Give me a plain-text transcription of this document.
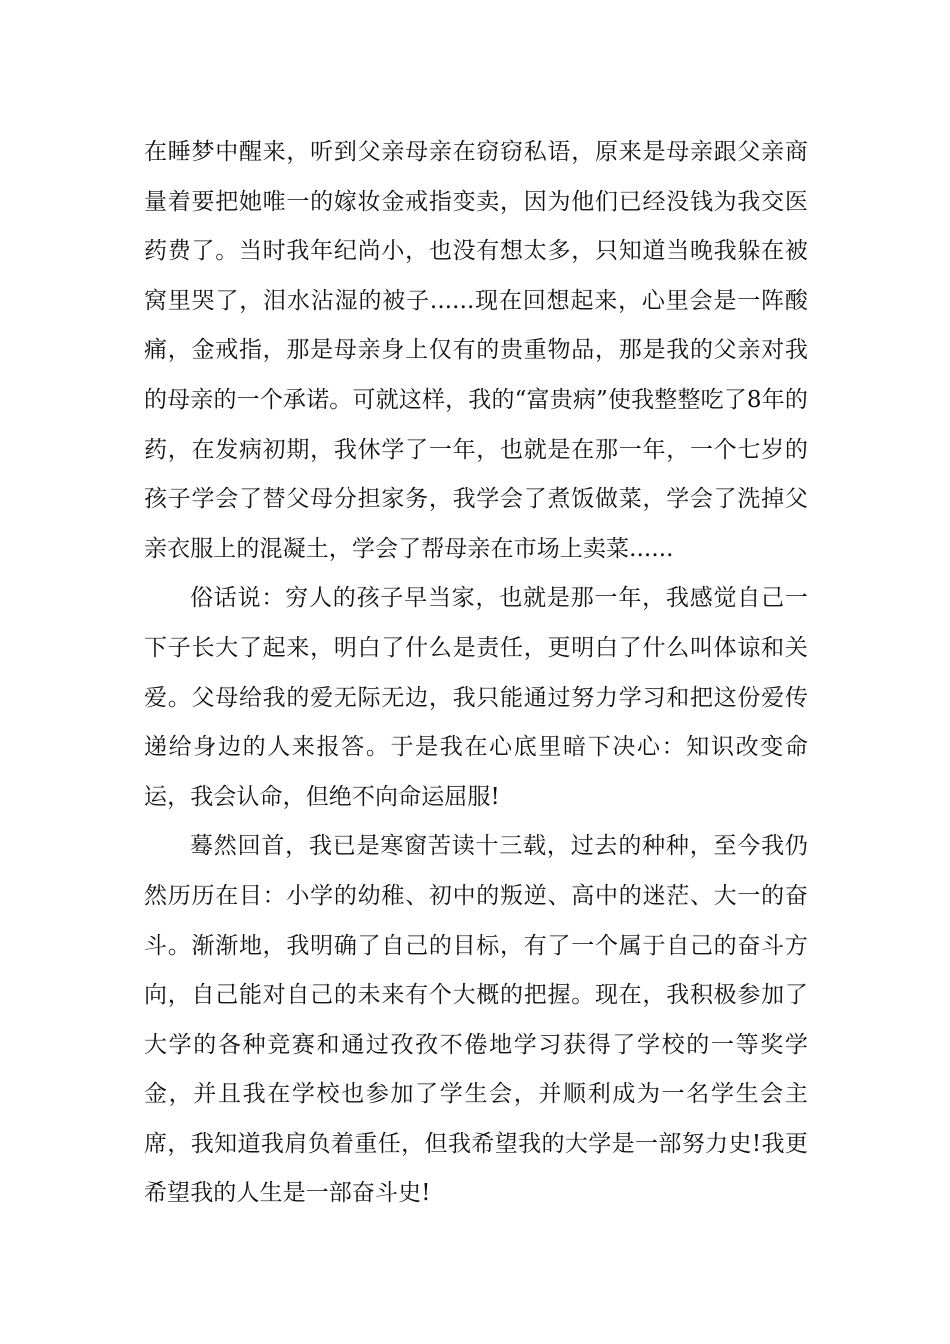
在睡梦中醒来，听到父亲母亲在窃窃私语，原来是母亲跟父亲商量着要把她唯一的嫁妆金戒指变卖，因为他们已经没钱为我交医药费了。当时我年纪尚小，也没有想太多，只知道当晚我躲在被窝里哭了，泪水沾湿的被子......现在回想起来，心里会是一阵酸痛，金戒指，那是母亲身上仅有的贵重物品，那是我的父亲对我的母亲的一个承诺。可就这样，我的“富贵病”使我整整吃了8年的药，在发病初期，我休学了一年，也就是在那一年，一个七岁的孩子学会了替父母分担家务，我学会了煮饭做菜，学会了洗掉父亲衣服上的混凝土，学会了帮母亲在市场上卖菜......

俗话说：穷人的孩子早当家，也就是那一年，我感觉自己一下子长大了起来，明白了什么是责任，更明白了什么叫体谅和关爱。父母给我的爱无际无边，我只能通过努力学习和把这份爱传递给身边的人来报答。于是我在心底里暗下决心：知识改变命运，我会认命，但绝不向命运屈服!

蓦然回首，我已是寒窗苦读十三载，过去的种种，至今我仍然历历在目：小学的幼稚、初中的叛逆、高中的迷茫、大一的奋斗。渐渐地，我明确了自己的目标，有了一个属于自己的奋斗方向，自己能对自己的未来有个大概的把握。现在，我积极参加了大学的各种竞赛和通过孜孜不倦地学习获得了学校的一等奖学金，并且我在学校也参加了学生会，并顺利成为一名学生会主席，我知道我肩负着重任，但我希望我的大学是一部努力史!我更希望我的人生是一部奋斗史!
